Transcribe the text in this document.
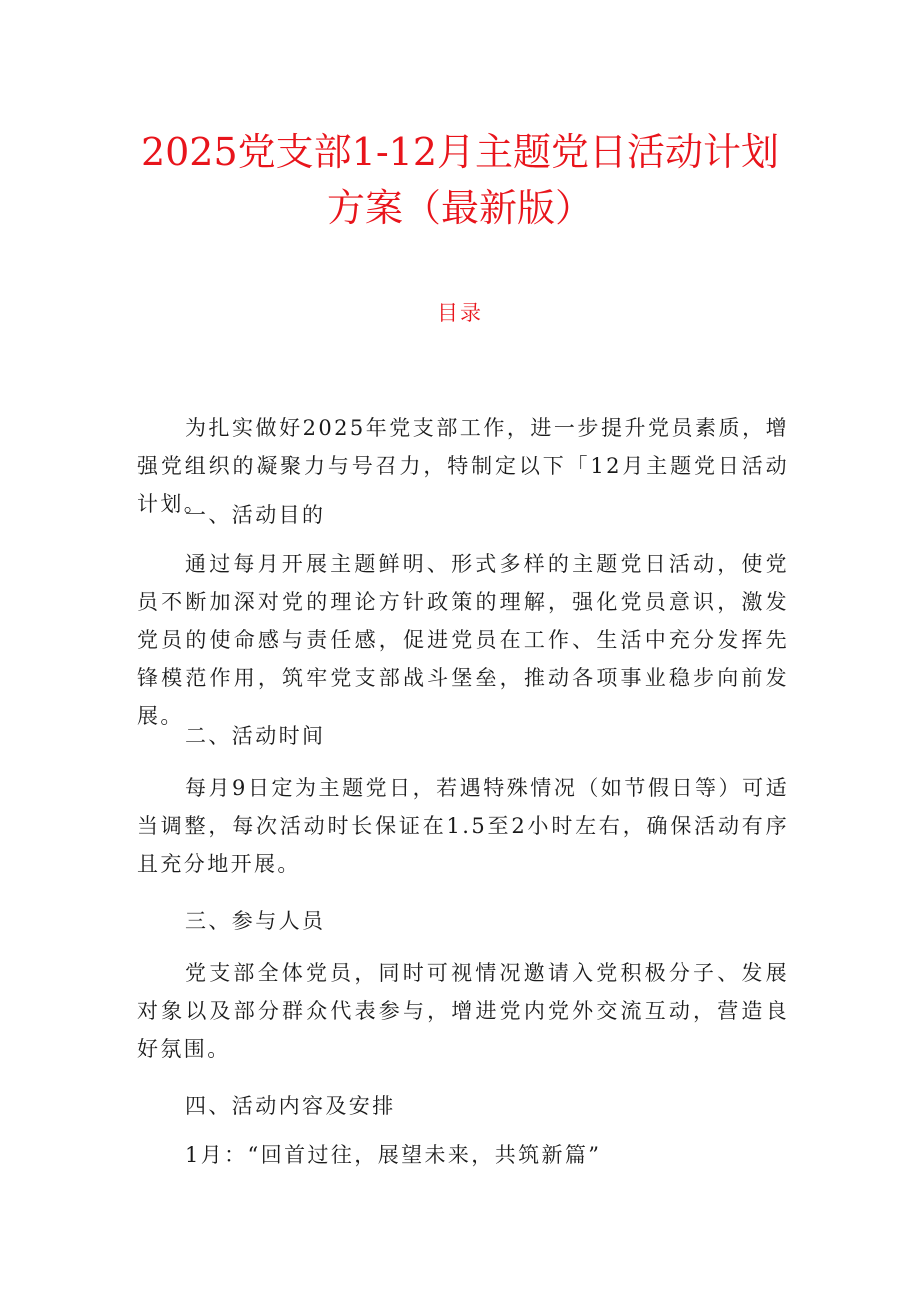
2025党支部1-12月主题党日活动计划
方案（最新版）
目录

为扎实做好2025年党支部工作，进一步提升党员素质，增强党组织的凝聚力与号召力，特制定以下「12月主题党日活动计划。

一、活动目的

通过每月开展主题鲜明、形式多样的主题党日活动，使党员不断加深对党的理论方针政策的理解，强化党员意识，激发党员的使命感与责任感，促进党员在工作、生活中充分发挥先锋模范作用，筑牢党支部战斗堡垒，推动各项事业稳步向前发展。

二、活动时间

每月9日定为主题党日，若遇特殊情况（如节假日等）可适当调整，每次活动时长保证在1.5至2小时左右，确保活动有序且充分地开展。

三、参与人员

党支部全体党员，同时可视情况邀请入党积极分子、发展对象以及部分群众代表参与，增进党内党外交流互动，营造良好氛围。

四、活动内容及安排

1月：“回首过往，展望未来，共筑新篇”
